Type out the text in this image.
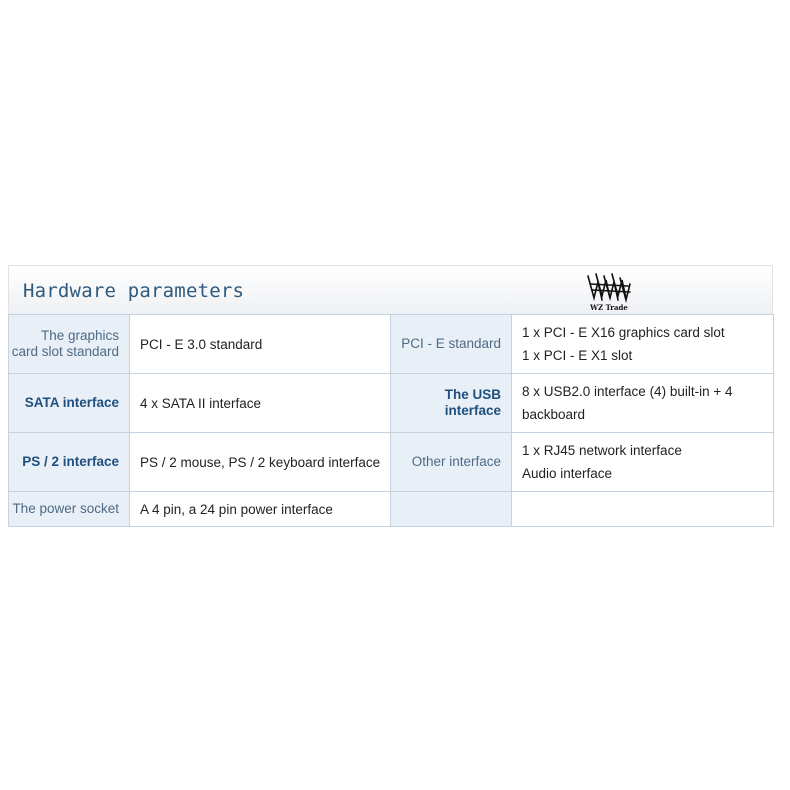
Hardware parameters
WZ Trade
The graphics card slot standard	PCI - E 3.0 standard	PCI - E standard	1 x PCI - E X16 graphics card slot
1 x PCI - E X1 slot

SATA interface	4 x SATA II interface	The USB interface	8 x USB2.0 interface (4) built-in + 4 backboard

PS / 2 interface	PS / 2 mouse, PS / 2 keyboard interface	Other interface	1 x RJ45 network interface
Audio interface

The power socket	A 4 pin, a 24 pin power interface		
